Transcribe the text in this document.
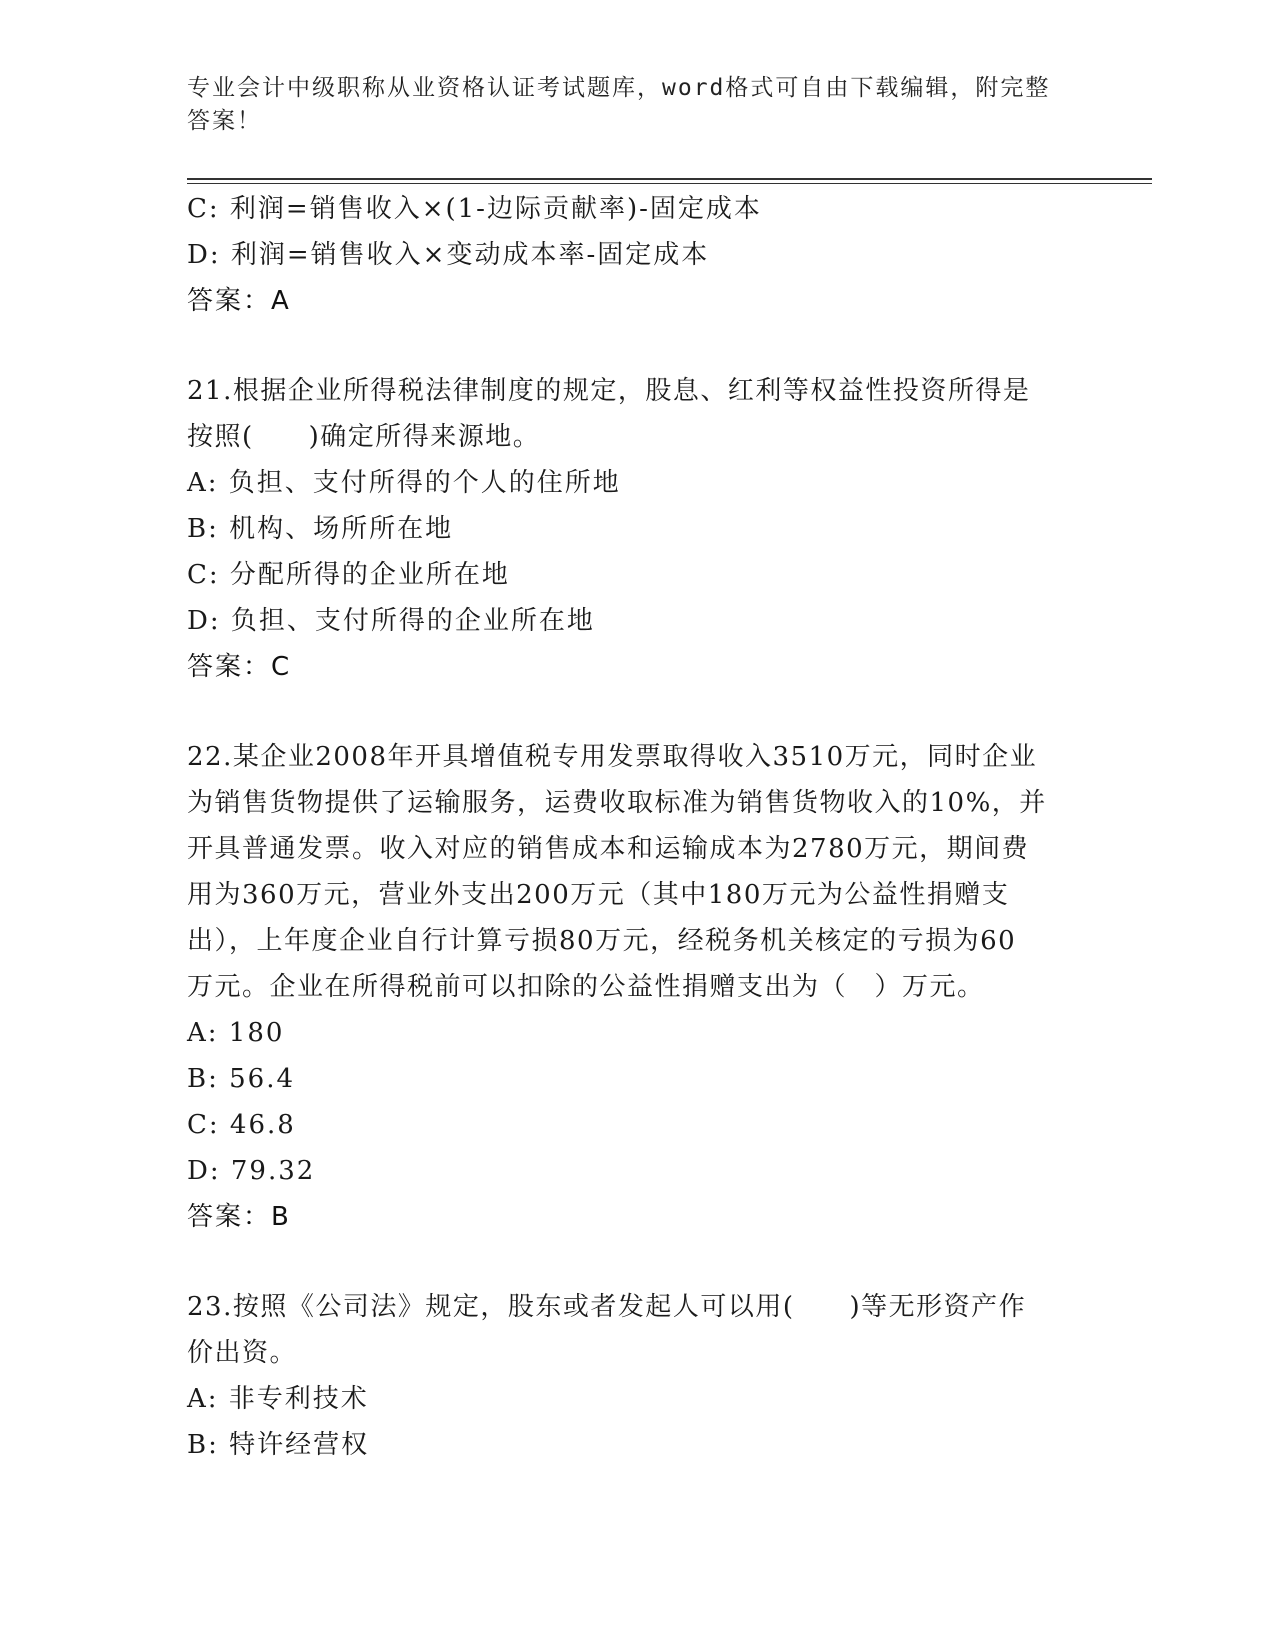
专业会计中级职称从业资格认证考试题库，word格式可自由下载编辑，附完整答案！
C: 利润=销售收入×(1-边际贡献率)-固定成本
D: 利润=销售收入×变动成本率-固定成本
答案：A
21.根据企业所得税法律制度的规定，股息、红利等权益性投资所得是
按照(　　)确定所得来源地。
A: 负担、支付所得的个人的住所地
B: 机构、场所所在地
C: 分配所得的企业所在地
D: 负担、支付所得的企业所在地
答案：C
22.某企业2008年开具增值税专用发票取得收入3510万元，同时企业
为销售货物提供了运输服务，运费收取标准为销售货物收入的10%，并
开具普通发票。收入对应的销售成本和运输成本为2780万元，期间费
用为360万元，营业外支出200万元（其中180万元为公益性捐赠支
出），上年度企业自行计算亏损80万元，经税务机关核定的亏损为60
万元。企业在所得税前可以扣除的公益性捐赠支出为（　）万元。
A: 180
B: 56.4
C: 46.8
D: 79.32
答案：B
23.按照《公司法》规定，股东或者发起人可以用(　　)等无形资产作
价出资。
A: 非专利技术
B: 特许经营权
